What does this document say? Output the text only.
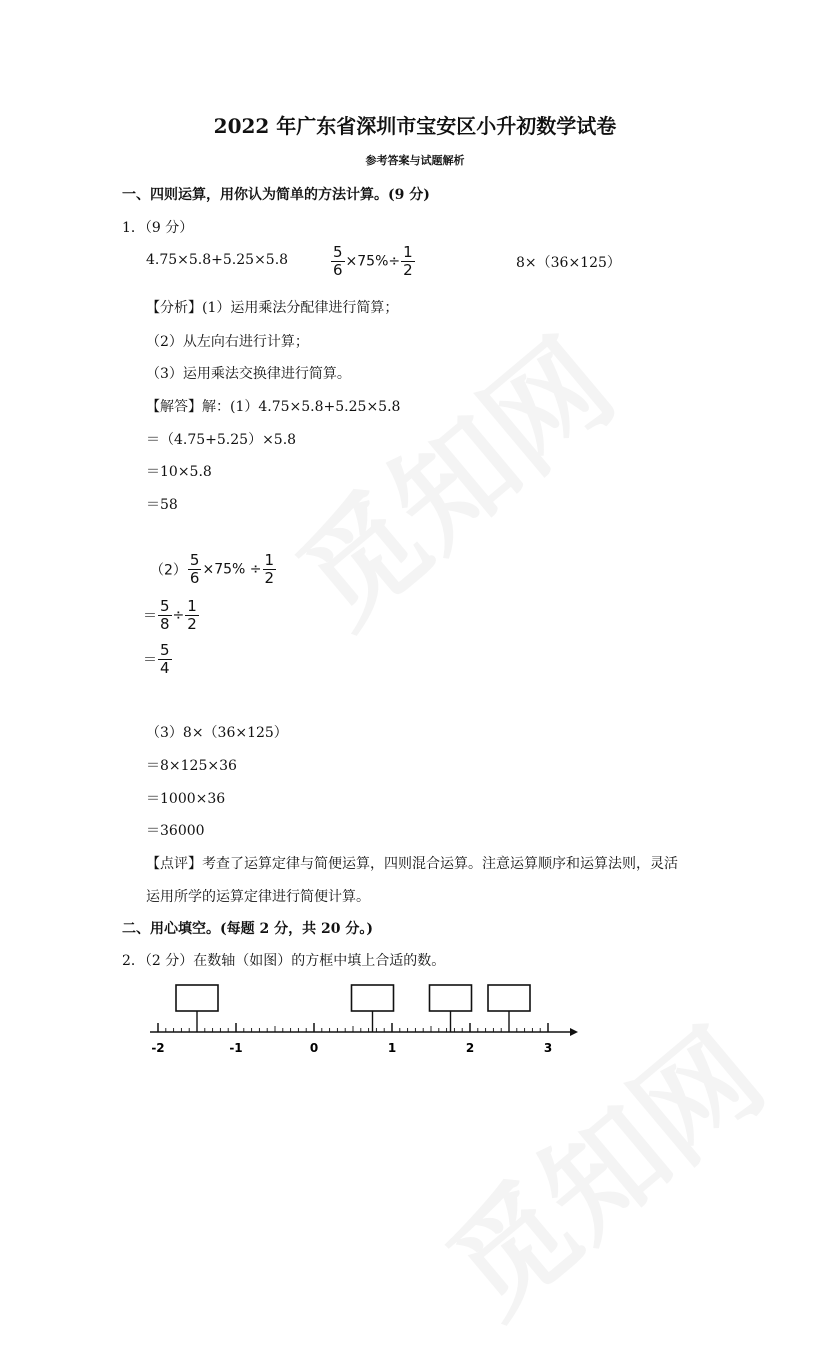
2022 年广东省深圳市宝安区小升初数学试卷
参考答案与试题解析
一、四则运算，用你认为简单的方法计算。(9 分)
1．（9 分）
4.75×5.8+5.25×5.8	$\frac{5}{6} \times 75\%\div \frac{1}{2}$	8×（36×125）
【分析】(1）运用乘法分配律进行简算；
（2）从左向右进行计算；
（3）运用乘法交换律进行简算。
【解答】解：(1）4.75×5.8+5.25×5.8
＝（4.75+5.25）×5.8
＝10×5.8
＝58
$(2) \frac{5}{6} \times 75\% \div \frac{1}{2}$
＝ $\frac{5}{8} \div \frac{1}{2}$
＝ $\frac{5}{4}$
（3）8×（36×125）
＝8×125×36
＝1000×36
＝36000
【点评】考查了运算定律与简便运算，四则混合运算。注意运算顺序和运算法则，灵活
运用所学的运算定律进行简便计算。
二、用心填空。(每题 2 分，共 20 分。)
2．（2 分）在数轴（如图）的方框中填上合适的数。
-2	-1	0	1	2	3
